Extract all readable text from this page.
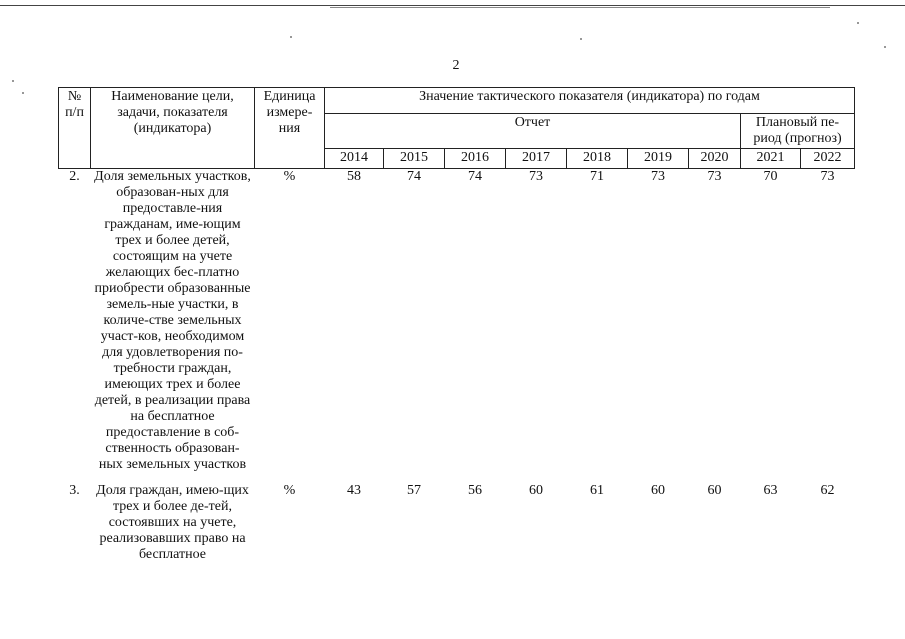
2
№ п/п	Наименование цели, задачи, показателя (индикатора)	Единица измере-ния	Значение тактического показателя (индикатора) по годам								
			Отчет							Плановый пе-риод (прогноз)	
			2014	2015	2016	2017	2018	2019	2020	2021	2022
2.	Доля земельных участков, образован-ных для предоставле-ния гражданам, име-ющим трех и более детей, состоящим на учете желающих бес-платно приобрести образованные земель-ные участки, в количе-стве земельных участ-ков, необходимом для удовлетворения по-требности граждан, имеющих трех и более детей, в реализации права на бесплатное предоставление в соб-ственность образован-ных земельных участков	%	58	74	74	73	71	73	73	70	73
3.	Доля граждан, имею-щих трех и более де-тей, состоявших на учете, реализовавших право на бесплатное	%	43	57	56	60	61	60	60	63	62
